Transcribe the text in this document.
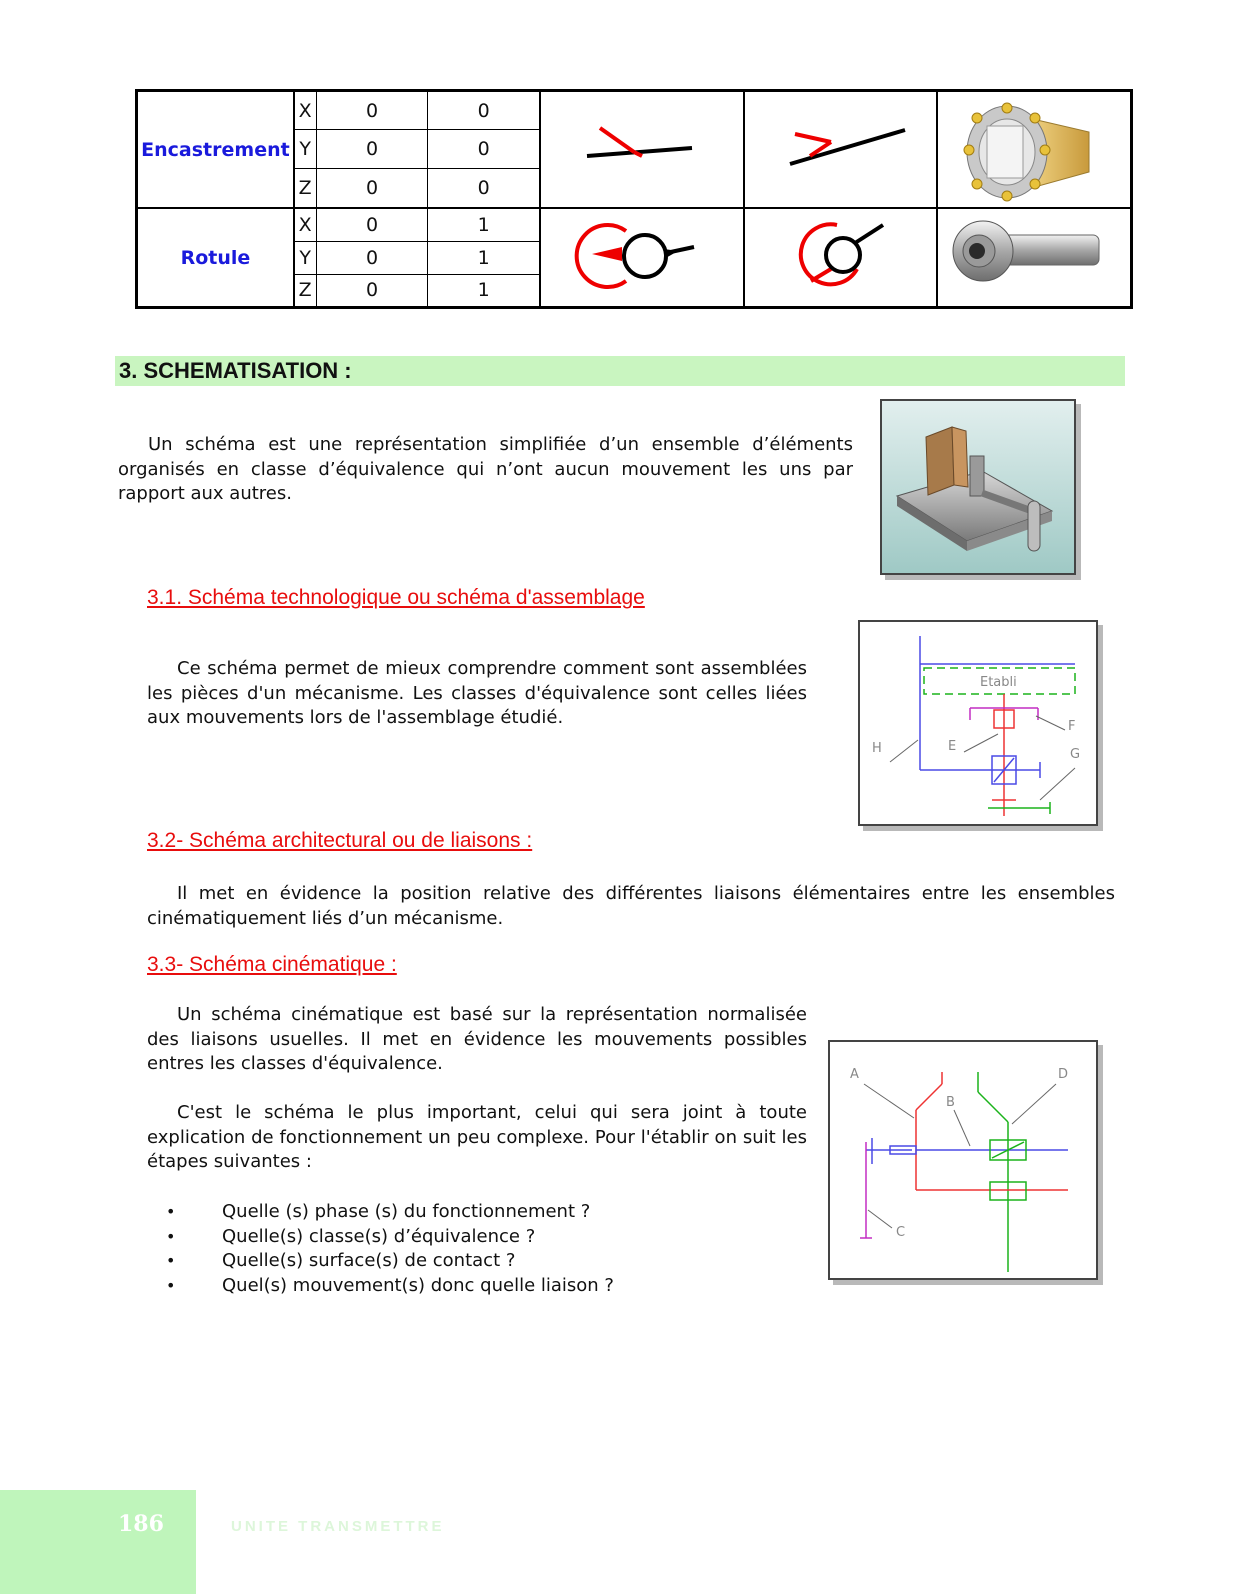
Encastrement	X	0	0			
	Y	0	0			
	Z	0	0			
Rotule	X	0	1			
	Y	0	1			
	Z	0	1			
3. SCHEMATISATION :

Un schéma est une représentation simplifiée d’un ensemble d’éléments organisés en classe d’équivalence qui n’ont aucun mouvement les uns par rapport aux autres.

3.1. Schéma technologique ou schéma d'assemblage

Ce schéma permet de mieux comprendre comment sont assemblées les pièces d'un mécanisme. Les classes d'équivalence sont celles liées aux mouvements lors de l'assemblage étudié.

Etabli
H	E
F
G
3.2- Schéma architectural ou de liaisons :

Il met en évidence la position relative des différentes liaisons élémentaires entre les ensembles cinématiquement liés d’un mécanisme.

3.3- Schéma cinématique :

Un schéma cinématique est basé sur la représentation normalisée des liaisons usuelles. Il met en évidence les mouvements possibles entres les classes d'équivalence.

C'est le schéma le plus important, celui qui sera joint à toute explication de fonctionnement un peu complexe. Pour l'établir on suit les étapes suivantes :

• Quelle (s) phase (s) du fonctionnement ?
• Quelle(s) classe(s) d’équivalence ?
• Quelle(s) surface(s) de contact ?
• Quel(s) mouvement(s) donc quelle liaison ?
A
B
C
D
186	UNITE TRANSMETTRE
